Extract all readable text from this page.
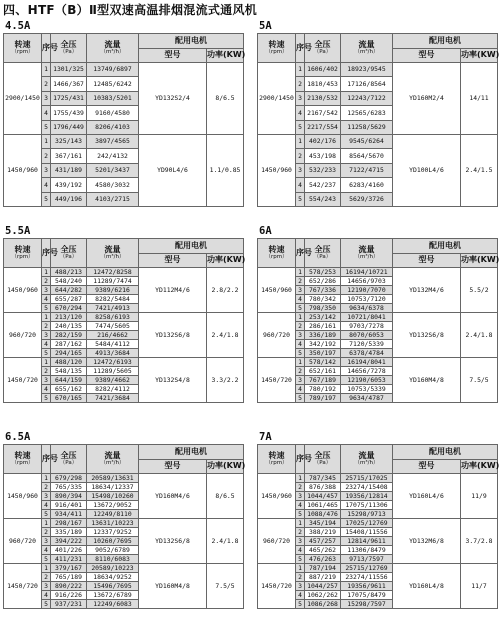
四、HTF（B）Ⅱ型双速高温排烟混流式通风机
4.5A
转速
（rpm）	序号	全压
（Pa）	流量
（m³/h）	配用电机	
				型号	功率(KW)
2900/1450	1	1301/325	13749/6897	YD132S2/4	8/6.5
	2	1466/367	12485/6242		
	3	1725/431	10383/5201		
	4	1755/439	9160/4580		
	5	1796/449	8206/4103		
1450/960	1	325/143	3897/4565	YD90L4/6	1.1/0.85
	2	367/161	242/4132		
	3	431/189	5201/3437		
	4	439/192	4580/3032		
	5	449/196	4103/2715		
5A
转速
（rpm）	序号	全压
（Pa）	流量
（m³/h）	配用电机	
				型号	功率(KW)
2900/1450	1	1606/402	18923/9545	YD160M2/4	14/11
	2	1810/453	17126/8564		
	3	2130/532	12243/7122		
	4	2167/542	12565/6283		
	5	2217/554	11258/5629		
1450/960	1	402/176	9545/6264	YD100L4/6	2.4/1.5
	2	453/198	8564/5670		
	3	532/233	7122/4715		
	4	542/237	6283/4160		
	5	554/243	5629/3726		
5.5A
转速
（rpm）	序号	全压
（Pa）	流量
（m³/h）	配用电机	
				型号	功率(KW)
1450/960	1	488/213	12472/8258	YD112M4/6	2.8/2.2
	2	548/240	11289/7474		
	3	644/282	9389/6216		
	4	655/287	8282/5484		
	5	670/294	7421/4913		
960/720	1	213/120	8258/6193	YD132S6/8	2.4/1.8
	2	240/135	7474/5605		
	3	282/159	216/4662		
	4	287/162	5484/4112		
	5	294/165	4913/3684		
1450/720	1	488/120	12472/6193	YD132S4/8	3.3/2.2
	2	548/135	11289/5605		
	3	644/159	9389/4662		
	4	655/162	8282/4112		
	5	670/165	7421/3684		
6A
转速
（rpm）	序号	全压
（Pa）	流量
（m³/h）	配用电机	
				型号	功率(KW)
1450/960	1	578/253	16194/10721	YD132M4/6	5.5/2
	2	652/286	14656/9703		
	3	767/336	12190/7070		
	4	780/342	10753/7120		
	5	798/350	9634/6378		
960/720	1	253/142	10721/8041	YD132S6/8	2.4/1.8
	2	286/161	9703/7278		
	3	336/189	8070/6053		
	4	342/192	7120/5339		
	5	350/197	6378/4784		
1450/720	1	578/142	16194/8041	YD160M4/8	7.5/5
	2	652/161	14656/7278		
	3	767/189	12190/6053		
	4	780/192	10753/5339		
	5	789/197	9634/4787		
6.5A
转速
（rpm）	序号	全压
（Pa）	流量
（m³/h）	配用电机	
				型号	功率(KW)
1450/960	1	679/298	20589/13631	YD160M4/6	8/6.5
	2	765/335	18634/12337		
	3	890/394	15498/10260		
	4	916/401	13672/9052		
	5	934/411	12249/8110		
960/720	1	298/167	13631/10223	YD132S6/8	2.4/1.8
	2	335/189	12337/9252		
	3	394/222	10260/7695		
	4	401/226	9052/6789		
	5	411/231	8110/6083		
1450/720	1	379/167	20589/10223	YD160M4/8	7.5/5
	2	765/189	18634/9252		
	3	890/222	15496/7695		
	4	916/226	13672/6789		
	5	937/231	12249/6083		
7A
转速
（rpm）	序号	全压
（Pa）	流量
（m³/h）	配用电机	
				型号	功率(KW)
1450/960	1	787/345	25715/17025	YD160L4/6	11/9
	2	876/388	23274/15408		
	3	1044/457	19356/12814		
	4	1061/465	17075/11306		
	5	1088/476	15298/9713		
960/720	1	345/194	17025/12769	YD132M6/8	3.7/2.8
	2	388/219	15408/11556		
	3	457/257	12814/9611		
	4	465/262	11306/8479		
	5	476/263	9713/7597		
1450/720	1	787/194	25715/12769	YD160L4/8	11/7
	2	887/219	23274/11556		
	3	1044/257	19356/9611		
	4	1062/262	17075/8479		
	5	1086/268	15298/7597		
